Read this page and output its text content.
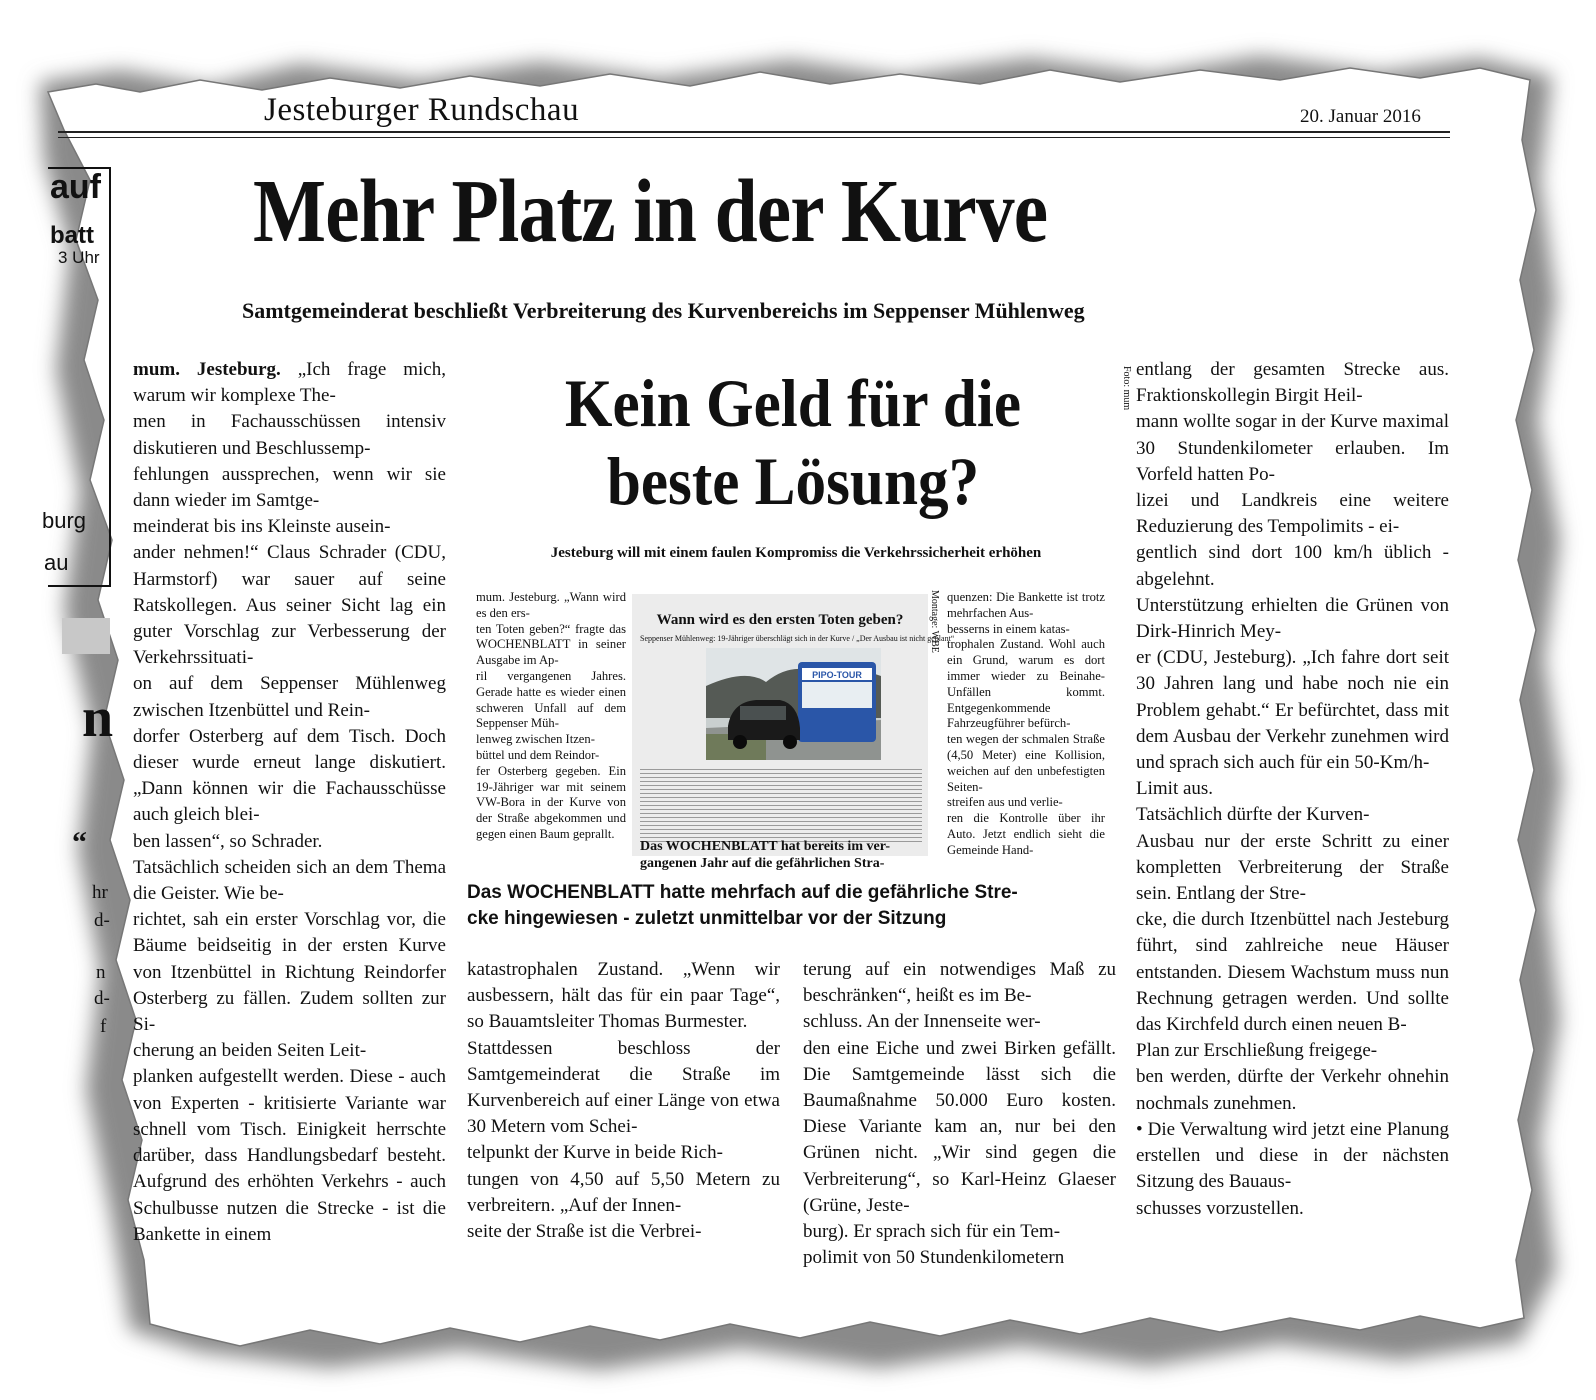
Jesteburger Rundschau	20. Januar 2016
auf
batt
3 Uhr
burg
au
n
“
hr
d-
n
d-
f
Mehr Platz in der Kurve
Samtgemeinderat beschließt Verbreiterung des Kurvenbereichs im Seppenser Mühlenweg
mum. Jesteburg. „Ich frage mich, warum wir komplexe The-
men in Fachausschüssen intensiv diskutieren und Beschlussemp-
fehlungen aussprechen, wenn wir sie dann wieder im Samtge-
meinderat bis ins Kleinste ausein-
ander nehmen!“ Claus Schrader (CDU, Harmstorf) war sauer auf seine Ratskollegen. Aus seiner Sicht lag ein guter Vorschlag zur Verbesserung der Verkehrssituati-
on auf dem Seppenser Mühlenweg zwischen Itzenbüttel und Rein-
dorfer Osterberg auf dem Tisch. Doch dieser wurde erneut lange diskutiert. „Dann können wir die Fachausschüsse auch gleich blei-
ben lassen“, so Schrader.
Tatsächlich scheiden sich an dem Thema die Geister. Wie be-
richtet, sah ein erster Vorschlag vor, die Bäume beidseitig in der ersten Kurve von Itzenbüttel in Richtung Reindorfer Osterberg zu fällen. Zudem sollten zur Si-
cherung an beiden Seiten Leit-
planken aufgestellt werden. Diese - auch von Experten - kritisierte Variante war schnell vom Tisch. Einigkeit herrschte darüber, dass Handlungsbedarf besteht. Aufgrund des erhöhten Verkehrs - auch Schulbusse nutzen die Strecke - ist die Bankette in einem
katastrophalen Zustand. „Wenn wir ausbessern, hält das für ein paar Tage“, so Bauamtsleiter Thomas Burmester.
Stattdessen beschloss der Samtgemeinderat die Straße im Kurvenbereich auf einer Länge von etwa 30 Metern vom Schei-
telpunkt der Kurve in beide Rich-
tungen von 4,50 auf 5,50 Metern zu verbreitern. „Auf der Innen-
seite der Straße ist die Verbrei-
terung auf ein notwendiges Maß zu beschränken“, heißt es im Be-
schluss. An der Innenseite wer-
den eine Eiche und zwei Birken gefällt. Die Samtgemeinde lässt sich die Baumaßnahme 50.000 Euro kosten. Diese Variante kam an, nur bei den Grünen nicht. „Wir sind gegen die Verbreiterung“, so Karl-Heinz Glaeser (Grüne, Jeste-
burg). Er sprach sich für ein Tem-
polimit von 50 Stundenkilometern
entlang der gesamten Strecke aus. Fraktionskollegin Birgit Heil-
mann wollte sogar in der Kurve maximal 30 Stundenkilometer erlauben. Im Vorfeld hatten Po-
lizei und Landkreis eine weitere Reduzierung des Tempolimits - ei-
gentlich sind dort 100 km/h üblich - abgelehnt.
Unterstützung erhielten die Grünen von Dirk-Hinrich Mey-
er (CDU, Jesteburg). „Ich fahre dort seit 30 Jahren lang und habe noch nie ein Problem gehabt.“ Er befürchtet, dass mit dem Ausbau der Verkehr zunehmen wird und sprach sich auch für ein 50-Km/h-
Limit aus.
Tatsächlich dürfte der Kurven-
Ausbau nur der erste Schritt zu einer kompletten Verbreiterung der Straße sein. Entlang der Stre-
cke, die durch Itzenbüttel nach Jesteburg führt, sind zahlreiche neue Häuser entstanden. Diesem Wachstum muss nun Rechnung getragen werden. Und sollte das Kirchfeld durch einen neuen B-
Plan zur Erschließung freigege-
ben werden, dürfte der Verkehr ohnehin nochmals zunehmen.
• Die Verwaltung wird jetzt eine Planung erstellen und diese in der nächsten Sitzung des Bauaus-
schusses vorzustellen.
Kein Geld für die
beste Lösung?
Foto: mum
Jesteburg will mit einem faulen Kompromiss die Verkehrssicherheit erhöhen
mum. Jesteburg. „Wann wird es den ers-
ten Toten geben?“ fragte das WOCHENBLATT in seiner Ausgabe im Ap-
ril vergangenen Jahres. Gerade hatte es wieder einen schweren Unfall auf dem Seppenser Müh-
lenweg zwischen Itzen-
büttel und dem Reindor-
fer Osterberg gegeben. Ein 19-Jähriger war mit seinem VW-Bora in der Kurve von der Straße abgekommen und gegen einen Baum geprallt.
quenzen: Die Bankette ist trotz mehrfachen Aus-
besserns in einem katas-
trophalen Zustand. Wohl auch ein Grund, warum es dort immer wieder zu Beinahe-Unfällen kommt. Entgegenkommende Fahrzeugführer befürch-
ten wegen der schmalen Straße (4,50 Meter) eine Kollision, weichen auf den unbefestigten Seiten-
streifen aus und verlie-
ren die Kontrolle über ihr Auto. Jetzt endlich sieht die Gemeinde Hand-
Montage: WBE
Wann wird es den ersten Toten geben?
Seppenser Mühlenweg: 19-Jähriger überschlägt sich in der Kurve / „Der Ausbau ist nicht geplant“
PIPO-TOUR
Das WOCHENBLATT hat bereits im ver-
gangenen Jahr auf die gefährlichen Stra-
Das WOCHENBLATT hatte mehrfach auf die gefährliche Stre-
cke hingewiesen - zuletzt unmittelbar vor der Sitzung
